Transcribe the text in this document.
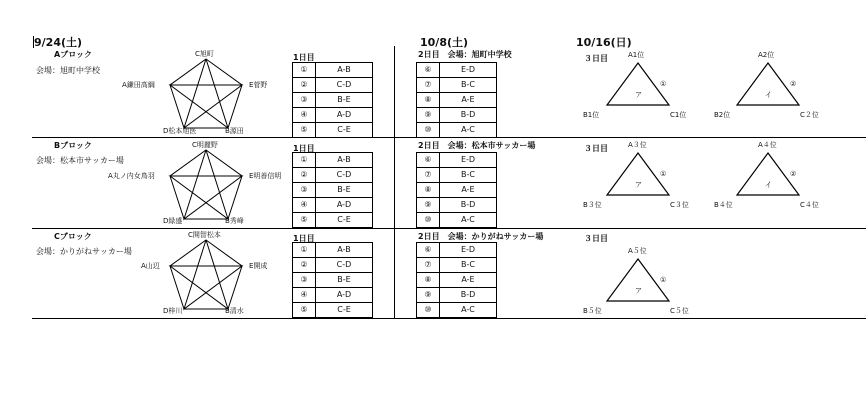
9/24(土)	10/8(土)	10/16(日)
Aブロック
会場：旭町中学校
C旭町
A鎌田高綱	E菅野
D松本旭医	B源田
1日目
①	A-B
②	C-D
③	B-E
④	A-D
⑤	C-E
2日目　会場：旭町中学校
⑥	E-D
⑦	B-C
⑧	A-E
⑨	B-D
⑩	A-C
３日目	A1位
B1位	C1位
ア
①
A2位
B2位	C２位
イ
②
Bブロック
会場：松本市サッカー場
C明麗野
A丸ノ内女鳥羽	E明善信明
D緑盛	B秀峰
1日目
①	A-B
②	C-D
③	B-E
④	A-D
⑤	C-E
2日目　会場：松本市サッカー場
⑥	E-D
⑦	B-C
⑧	A-E
⑨	B-D
⑩	A-C
３日目	A３位
B３位	C３位
ア
①
A４位
B４位	C４位
イ
②
Cブロック
会場：かりがねサッカー場
C開智松本
A山辺	E開成
D梓川	B清水
1日目
①	A-B
②	C-D
③	B-E
④	A-D
⑤	C-E
2日目　会場：かりがねサッカー場
⑥	E-D
⑦	B-C
⑧	A-E
⑨	B-D
⑩	A-C
３日目
A５位
B５位	C５位
ア
①
